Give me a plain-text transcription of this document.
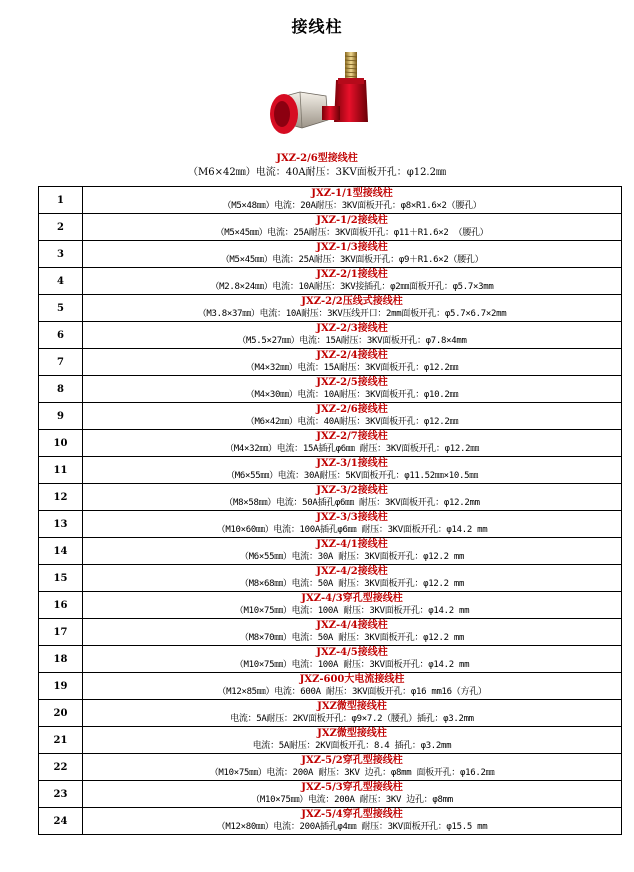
接线柱
JXZ-2/6型接线柱
（M6×42㎜）电流：40A耐压：3KV面板开孔：φ12.2㎜
1	JXZ-1/1型接线柱
（M5×48㎜）电流：20A耐压：3KV面板开孔：φ8×R1.6×2（腰孔）

2	JXZ-1/2接线柱
（M5×45㎜）电流：25A耐压：3KV面板开孔：φ11＋R1.6×2 （腰孔）

3	JXZ-1/3接线柱
（M5×45㎜）电流：25A耐压：3KV面板开孔：φ9＋R1.6×2（腰孔）

4	JXZ-2/1接线柱
（M2.8×24㎜）电流：10A耐压：3KV接插孔：φ2㎜面板开孔：φ5.7×3mm

5	JXZ-2/2压线式接线柱
（M3.8×37㎜）电流：10A耐压：3KV压线开口：2mm面板开孔：φ5.7×6.7×2mm

6	JXZ-2/3接线柱
（M5.5×27㎜）电流：15A耐压：3KV面板开孔：φ7.8×4mm

7	JXZ-2/4接线柱
（M4×32㎜）电流：15A耐压：3KV面板开孔：φ12.2㎜

8	JXZ-2/5接线柱
（M4×30㎜）电流：10A耐压：3KV面板开孔：φ10.2㎜

9	JXZ-2/6接线柱
（M6×42㎜）电流：40A耐压：3KV面板开孔：φ12.2㎜

10	JXZ-2/7接线柱
（M4×32㎜）电流：15A插孔φ6㎜ 耐压：3KV面板开孔：φ12.2㎜

11	JXZ-3/1接线柱
（M6×55㎜）电流：30A耐压：5KV面板开孔：φ11.52㎜×10.5㎜

12	JXZ-3/2接线柱
（M8×58㎜）电流：50A插孔φ6㎜ 耐压：3KV面板开孔：φ12.2mm

13	JXZ-3/3接线柱
（M10×60㎜）电流：100A插孔φ6㎜ 耐压：3KV面板开孔：φ14.2 mm

14	JXZ-4/1接线柱
（M6×55㎜）电流：30A 耐压：3KV面板开孔：φ12.2 mm

15	JXZ-4/2接线柱
（M8×68㎜）电流：50A 耐压：3KV面板开孔：φ12.2 mm

16	JXZ-4/3穿孔型接线柱
（M10×75㎜）电流：100A 耐压：3KV面板开孔：φ14.2 mm

17	JXZ-4/4接线柱
（M8×70㎜）电流：50A 耐压：3KV面板开孔：φ12.2 mm

18	JXZ-4/5接线柱
（M10×75㎜）电流：100A 耐压：3KV面板开孔：φ14.2 mm

19	JXZ-600大电流接线柱
（M12×85㎜）电流：600A 耐压：3KV面板开孔：φ16 mm16（方孔）

20	JXZ微型接线柱
电流：5A耐压：2KV面板开孔：φ9×7.2（腰孔）插孔：φ3.2mm

21	JXZ微型接线柱
电流：5A耐压：2KV面板开孔：8.4 插孔：φ3.2mm

22	JXZ-5/2穿孔型接线柱
（M10×75㎜）电流：200A 耐压：3KV 边孔：φ8mm 面板开孔：φ16.2㎜

23	JXZ-5/3穿孔型接线柱
（M10×75㎜）电流：200A 耐压：3KV 边孔：φ8mm

24	JXZ-5/4穿孔型接线柱
（M12×80㎜）电流：200A插孔φ4㎜ 耐压：3KV面板开孔：φ15.5 mm
